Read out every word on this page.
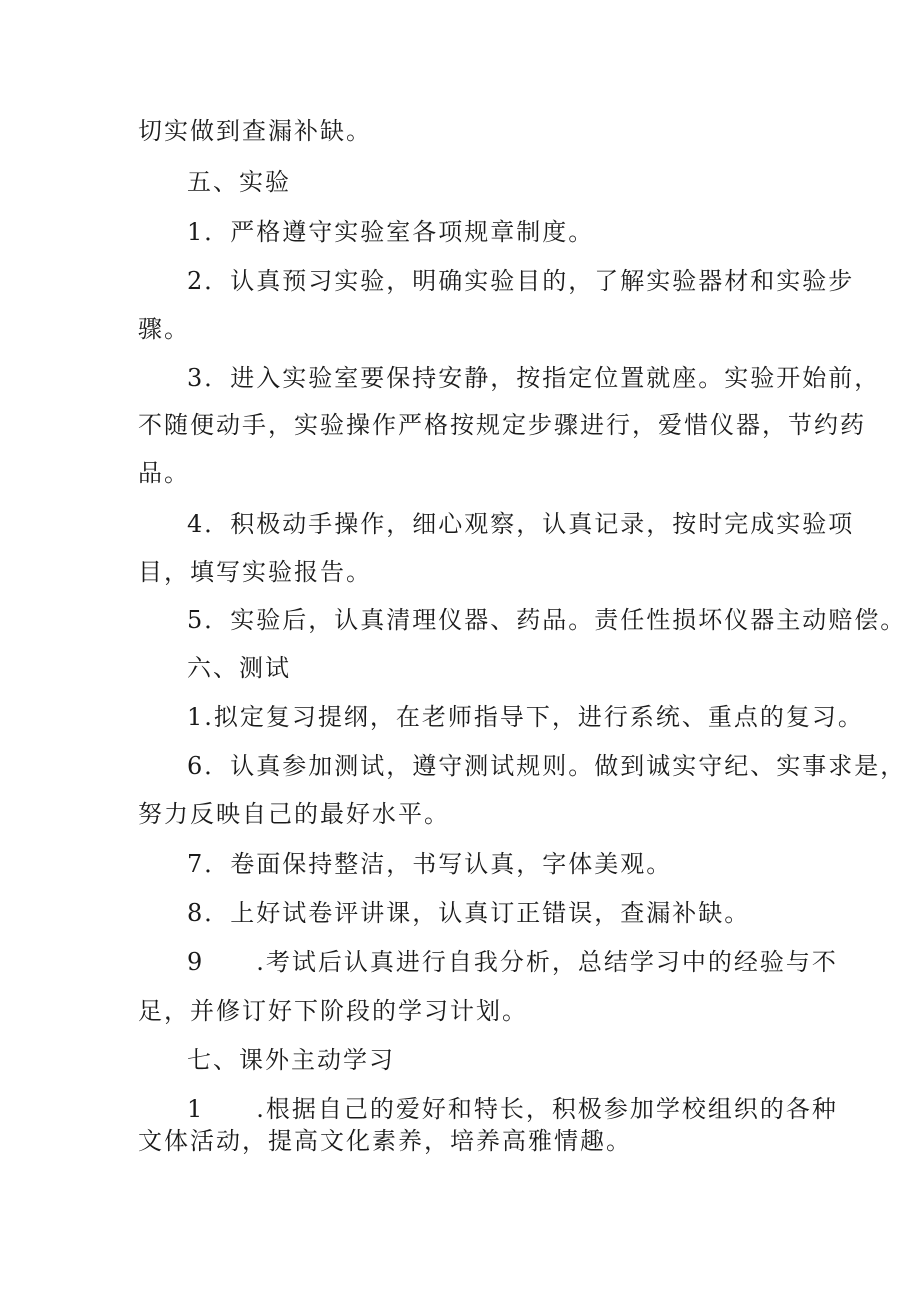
切实做到查漏补缺。
五、实验
1．严格遵守实验室各项规章制度。
2．认真预习实验，明确实验目的，了解实验器材和实验步
骤。
3．进入实验室要保持安静，按指定位置就座。实验开始前，
不随便动手，实验操作严格按规定步骤进行，爱惜仪器，节约药
品。
4．积极动手操作，细心观察，认真记录，按时完成实验项
目，填写实验报告。
5．实验后，认真清理仪器、药品。责任性损坏仪器主动赔偿。
六、测试
1.拟定复习提纲，在老师指导下，进行系统、重点的复习。
6．认真参加测试，遵守测试规则。做到诚实守纪、实事求是，
努力反映自己的最好水平。
7．卷面保持整洁，书写认真，字体美观。
8．上好试卷评讲课，认真订正错误，查漏补缺。
9　　.考试后认真进行自我分析，总结学习中的经验与不
足，并修订好下阶段的学习计划。
七、课外主动学习
1　　.根据自己的爱好和特长，积极参加学校组织的各种
文体活动，提高文化素养，培养高雅情趣。
